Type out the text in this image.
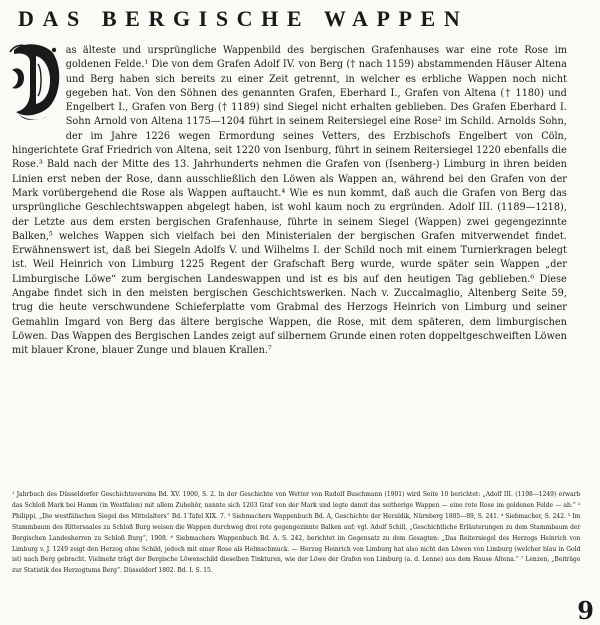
DAS BERGISCHE WAPPEN
as älteste und ursprüngliche Wappenbild des bergischen Grafenhauses war eine rote Rose im goldenen Felde.¹ Die von dem Grafen Adolf IV. von Berg († nach 1159) abstammenden Häuser Altena und Berg haben sich bereits zu einer Zeit getrennt, in welcher es erbliche Wappen noch nicht gegeben hat. Von den Söhnen des genannten Grafen, Eberhard I., Grafen von Altena († 1180) und Engelbert I., Grafen von Berg († 1189) sind Siegel nicht erhalten geblieben. Des Grafen Eberhard I. Sohn Arnold von Altena 1175—1204 führt in seinem Reitersiegel eine Rose² im Schild. Arnolds Sohn, der im Jahre 1226 wegen Ermordung seines Vetters, des Erzbischofs Engelbert von Cöln, hingerichtete Graf Friedrich von Altena, seit 1220 von Isenburg, führt in seinem Reitersiegel 1220 ebenfalls die Rose.³ Bald nach der Mitte des 13. Jahrhunderts nehmen die Grafen von (Isenberg-) Limburg in ihren beiden Linien erst neben der Rose, dann ausschließlich den Löwen als Wappen an, während bei den Grafen von der Mark vorübergehend die Rose als Wappen auftaucht.⁴ Wie es nun kommt, daß auch die Grafen von Berg das ursprüngliche Geschlechtswappen abgelegt haben, ist wohl kaum noch zu ergründen. Adolf III. (1189—1218), der Letzte aus dem ersten bergischen Grafenhause, führte in seinem Siegel (Wappen) zwei gegengezinnte Balken,⁵ welches Wappen sich vielfach bei den Ministerialen der bergischen Grafen mitverwendet findet. Erwähnenswert ist, daß bei Siegeln Adolfs V. und Wilhelms I. der Schild noch mit einem Turnierkragen belegt ist. Weil Heinrich von Limburg 1225 Regent der Grafschaft Berg wurde, wurde später sein Wappen „der Limburgische Löwe“ zum bergischen Landeswappen und ist es bis auf den heutigen Tag geblieben.⁶ Diese Angabe findet sich in den meisten bergischen Geschichtswerken. Nach v. Zuccalmaglio, Altenberg Seite 59, trug die heute verschwundene Schieferplatte vom Grabmal des Herzogs Heinrich von Limburg und seiner Gemahlin Imgard von Berg das ältere bergische Wappen, die Rose, mit dem späteren, dem limburgischen Löwen. Das Wappen des Bergischen Landes zeigt auf silbernem Grunde einen roten doppeltgeschweiften Löwen mit blauer Krone, blauer Zunge und blauen Krallen.⁷
¹ Jahrbuch des Düsseldorfer Geschichtsvereins Bd. XV. 1900, S. 2. In der Geschichte von Wetter von Rudolf Buschmann (1901) wird Seite 10 berichtet: „Adolf III. (1198—1249) erwarb das Schloß Mark bei Hamm (in Westfalen) mit allem Zubehör, nannte sich 1203 Graf von der Mark und legte damit das seitherige Wappen — eine rote Rose im goldenen Felde — ab.“ ² Philippi, „Die westfälischen Siegel des Mittelalters“ Bd. I Tafel XIX. 7. ³ Siebmachers Wappenbuch Bd. A, Geschichte der Heraldik, Nürnberg 1885—89, S. 241. ⁴ Siebmacher, S. 242. ⁵ Im Stammbaum des Rittersaales zu Schloß Burg weisen die Wappen durchweg drei rote gegengezinnte Balken auf; vgl. Adolf Schill, „Geschichtliche Erläuterungen zu dem Stammbaum der Bergischen Landesherren zu Schloß Burg“, 1908. ⁶ Siebmachers Wappenbuch Bd. A. S. 242, berichtet im Gegensatz zu dem Gesagten: „Das Reitersiegel des Herzogs Heinrich von Limburg v. J. 1249 zeigt den Herzog ohne Schild, jedoch mit einer Rose als Helmschmuck. — Herzog Heinrich von Limburg hat also nicht den Löwen von Limburg (welcher blau in Gold ist) nach Berg gebracht. Vielmehr trägt der Bergische Löwenschild dieselben Tinkturen, wie der Löwe der Grafen von Limburg (a. d. Lenne) aus dem Hause Altena.“ ⁷ Lenzen, „Beiträge zur Statistik des Herzogtums Berg“. Düsseldorf 1802. Bd. I. S. 15.
9
